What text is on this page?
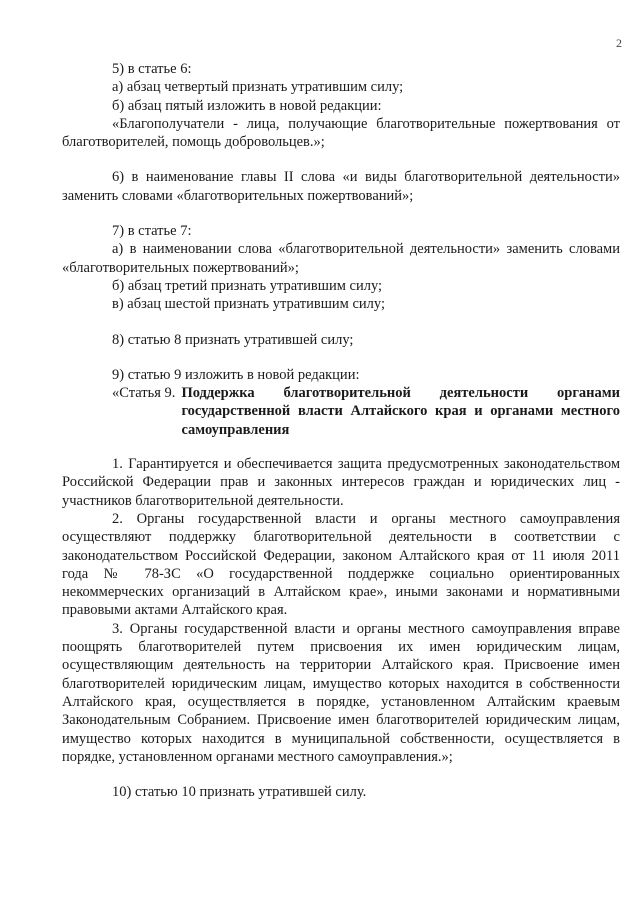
2

5) в статье 6:

а) абзац четвертый признать утратившим силу;

б) абзац пятый изложить в новой редакции:

«Благополучатели - лица, получающие благотворительные пожертвования от благотворителей, помощь добровольцев.»;

6) в наименование главы II слова «и виды благотворительной деятельности» заменить словами «благотворительных пожертвований»;

7) в статье 7:

а) в наименовании слова «благотворительной деятельности» заменить словами «благотворительных пожертвований»;

б) абзац третий признать утратившим силу;

в) абзац шестой признать утратившим силу;

8) статью 8 признать утратившей силу;

9) статью 9 изложить в новой редакции:

«Статья 9. Поддержка благотворительной деятельности органами государственной власти Алтайского края и органами местного самоуправления

1. Гарантируется и обеспечивается защита предусмотренных законодательством Российской Федерации прав и законных интересов граждан и юридических лиц - участников благотворительной деятельности.

2. Органы государственной власти и органы местного самоуправления осуществляют поддержку благотворительной деятельности в соответствии с законодательством Российской Федерации, законом Алтайского края от 11 июля 2011 года № 78-ЗС «О государственной поддержке социально ориентированных некоммерческих организаций в Алтайском крае», иными законами и нормативными правовыми актами Алтайского края.

3. Органы государственной власти и органы местного самоуправления вправе поощрять благотворителей путем присвоения их имен юридическим лицам, осуществляющим деятельность на территории Алтайского края. Присвоение имен благотворителей юридическим лицам, имущество которых находится в собственности Алтайского края, осуществляется в порядке, установленном Алтайским краевым Законодательным Собранием. Присвоение имен благотворителей юридическим лицам, имущество которых находится в муниципальной собственности, осуществляется в порядке, установленном органами местного самоуправления.»;

10) статью 10 признать утратившей силу.
